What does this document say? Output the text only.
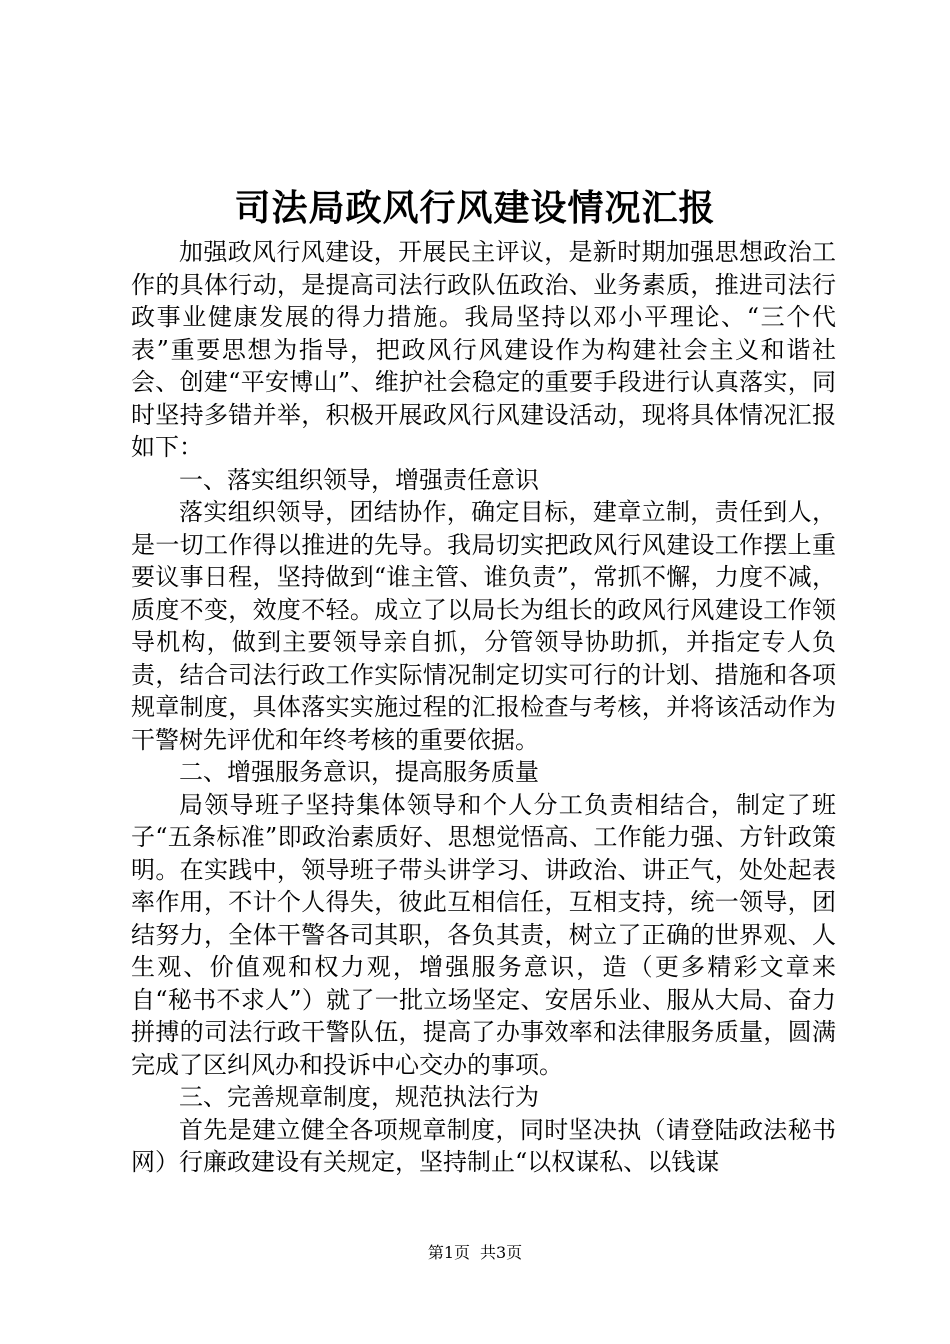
司法局政风行风建设情况汇报

加强政风行风建设，开展民主评议，是新时期加强思想政治工作的具体行动，是提高司法行政队伍政治、业务素质，推进司法行政事业健康发展的得力措施。我局坚持以邓小平理论、“三个代表”重要思想为指导，把政风行风建设作为构建社会主义和谐社会、创建“平安博山”、维护社会稳定的重要手段进行认真落实，同时坚持多错并举，积极开展政风行风建设活动，现将具体情况汇报如下：

一、落实组织领导，增强责任意识

落实组织领导，团结协作，确定目标，建章立制，责任到人，是一切工作得以推进的先导。我局切实把政风行风建设工作摆上重要议事日程，坚持做到“谁主管、谁负责”，常抓不懈，力度不减，质度不变，效度不轻。成立了以局长为组长的政风行风建设工作领导机构，做到主要领导亲自抓，分管领导协助抓，并指定专人负责，结合司法行政工作实际情况制定切实可行的计划、措施和各项规章制度，具体落实实施过程的汇报检查与考核，并将该活动作为干警树先评优和年终考核的重要依据。

二、增强服务意识，提高服务质量

局领导班子坚持集体领导和个人分工负责相结合，制定了班子“五条标准”即政治素质好、思想觉悟高、工作能力强、方针政策明。在实践中，领导班子带头讲学习、讲政治、讲正气，处处起表率作用，不计个人得失，彼此互相信任，互相支持，统一领导，团结努力，全体干警各司其职，各负其责，树立了正确的世界观、人生观、价值观和权力观，增强服务意识，造（更多精彩文章来自“秘书不求人”）就了一批立场坚定、安居乐业、服从大局、奋力拼搏的司法行政干警队伍，提高了办事效率和法律服务质量，圆满完成了区纠风办和投诉中心交办的事项。

三、完善规章制度，规范执法行为

首先是建立健全各项规章制度，同时坚决执（请登陆政法秘书网）行廉政建设有关规定，坚持制止“以权谋私、以钱谋

第1页 共3页
